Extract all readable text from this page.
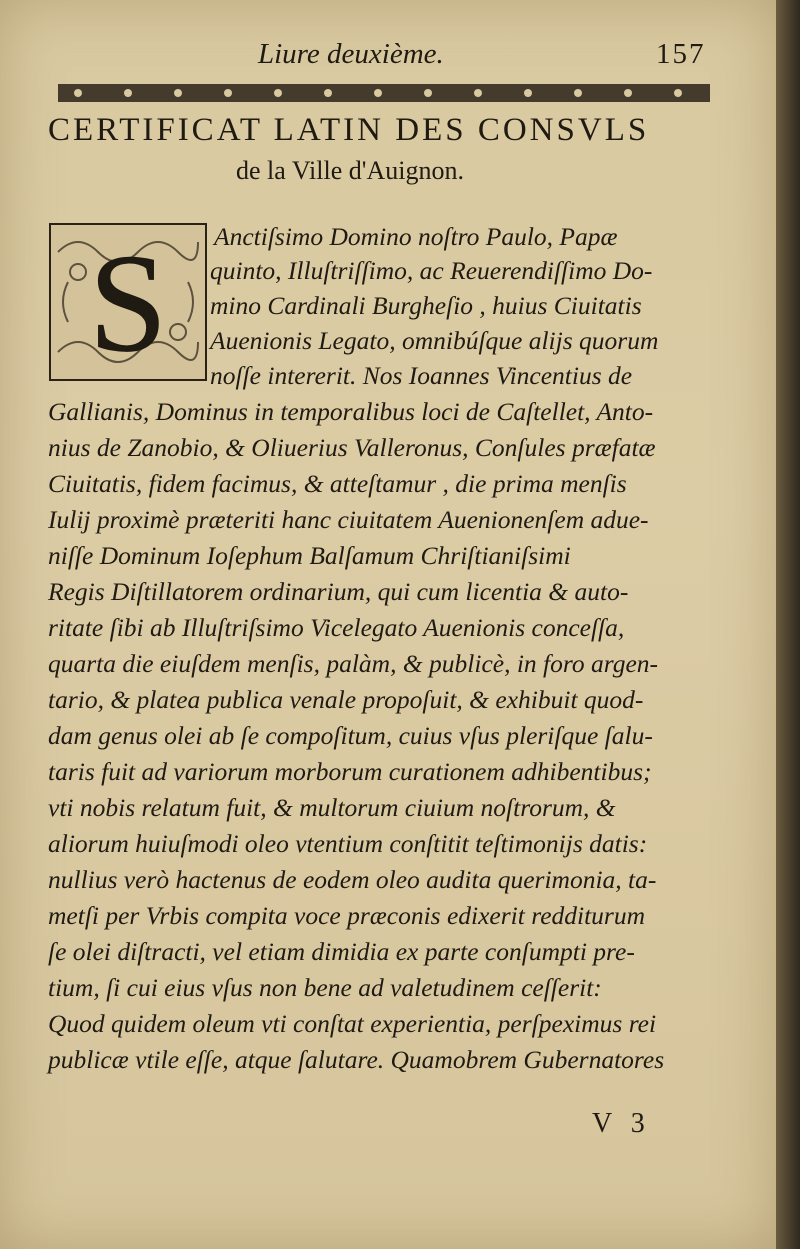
Liure deuxième.	157
CERTIFICAT LATIN DES CONSVLS
de la Ville d'Auignon.
S Anctiſsimo Domino noſtro Paulo, Papæ
quinto, Illuſtriſſimo, ac Reuerendiſſimo Do-
mino Cardinali Burgheſio , huius Ciuitatis
Auenionis Legato, omnibúſque alijs quorum
noſſe intererit. Nos Ioannes Vincentius de
Gallianis, Dominus in temporalibus loci de Caſtellet, Anto-
nius de Zanobio, & Oliuerius Valleronus, Conſules præfatæ
Ciuitatis, fidem facimus, & atteſtamur , die prima menſis
Iulij proximè præteriti hanc ciuitatem Auenionenſem adue-
niſſe Dominum Ioſephum Balſamum Chriſtianiſsimi
Regis Diſtillatorem ordinarium, qui cum licentia & auto-
ritate ſibi ab Illuſtriſsimo Vicelegato Auenionis conceſſa,
quarta die eiuſdem menſis, palàm, & publicè, in foro argen-
tario, & platea publica venale propoſuit, & exhibuit quod-
dam genus olei ab ſe compoſitum, cuius vſus pleriſque ſalu-
taris fuit ad variorum morborum curationem adhibentibus;
vti nobis relatum fuit, & multorum ciuium noſtrorum, &
aliorum huiuſmodi oleo vtentium conſtitit teſtimonijs datis:
nullius verò hactenus de eodem oleo audita querimonia, ta-
metſi per Vrbis compita voce præconis edixerit redditurum
ſe olei diſtracti, vel etiam dimidia ex parte conſumpti pre-
tium, ſi cui eius vſus non bene ad valetudinem ceſſerit:
Quod quidem oleum vti conſtat experientia, perſpeximus rei
publicæ vtile eſſe, atque ſalutare. Quamobrem Gubernatores
V 3
